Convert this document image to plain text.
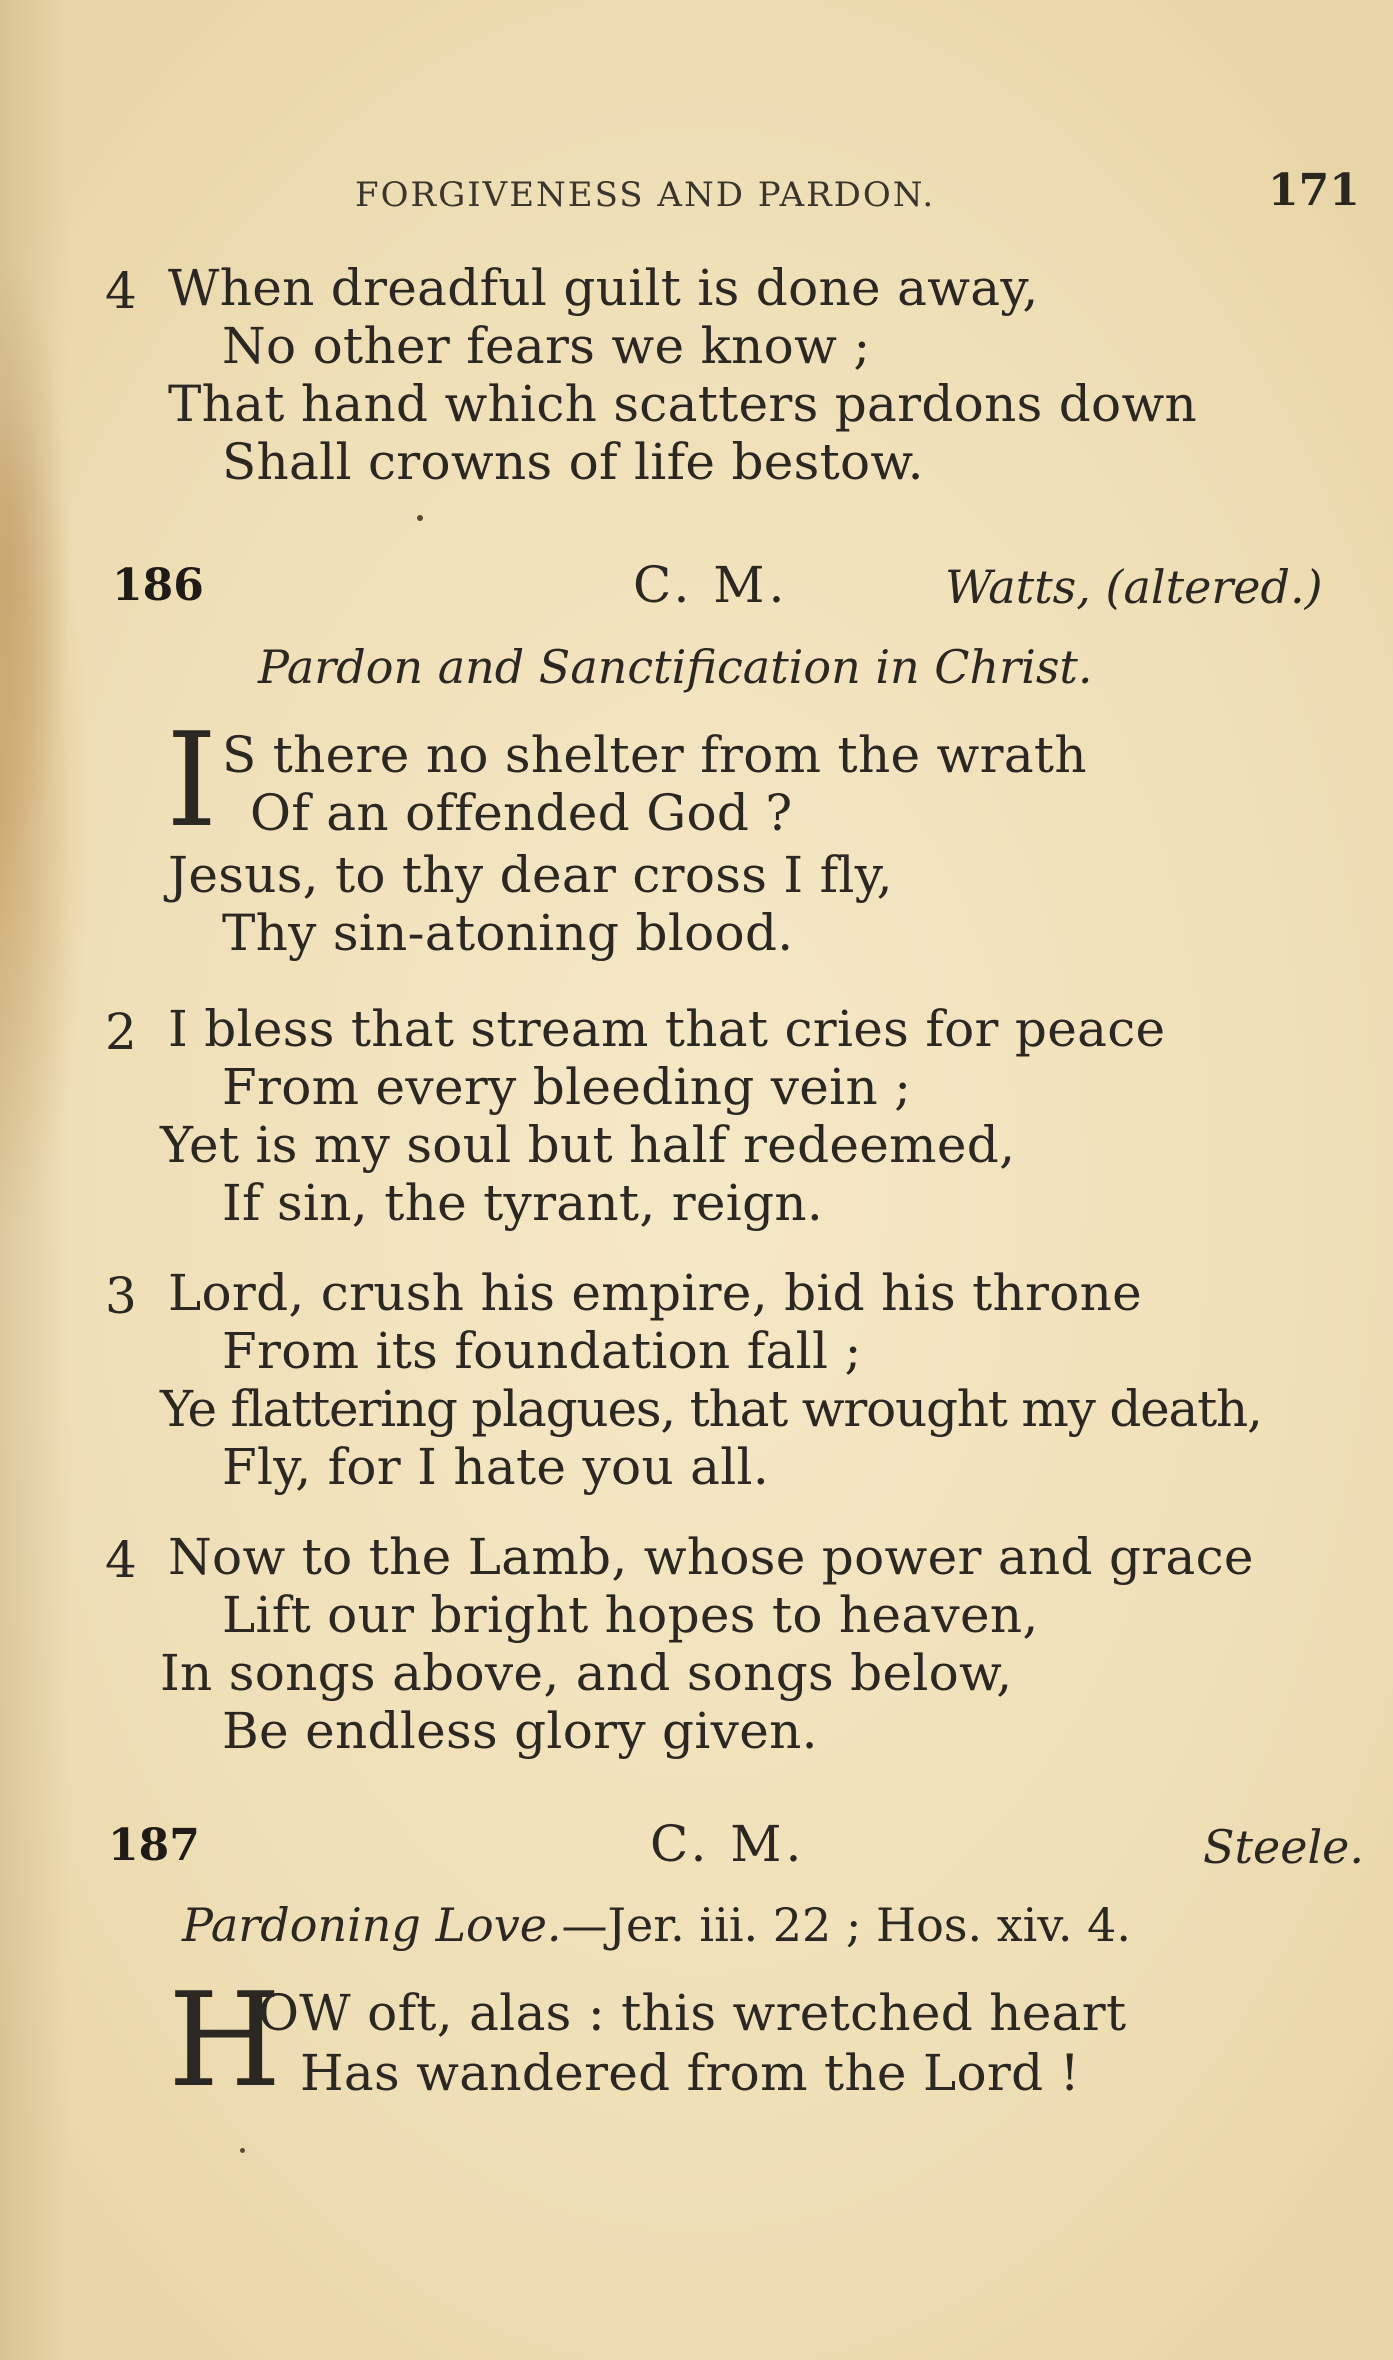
FORGIVENESS AND PARDON.	171
4 When dreadful guilt is done away,
No other fears we know ;
That hand which scatters pardons down
Shall crowns of life bestow.
186	C. M.	Watts, (altered.)
Pardon and Sanctification in Christ.
I S there no shelter from the wrath
Of an offended God ?
Jesus, to thy dear cross I fly,
Thy sin-atoning blood.
2 I bless that stream that cries for peace
From every bleeding vein ;
Yet is my soul but half redeemed,
If sin, the tyrant, reign.
3 Lord, crush his empire, bid his throne
From its foundation fall ;
Ye flattering plagues, that wrought my death,
Fly, for I hate you all.
4 Now to the Lamb, whose power and grace
Lift our bright hopes to heaven,
In songs above, and songs below,
Be endless glory given.
187	C. M.	Steele.
Pardoning Love.—Jer. iii. 22 ; Hos. xiv. 4.
H
OW oft, alas : this wretched heart
Has wandered from the Lord !
